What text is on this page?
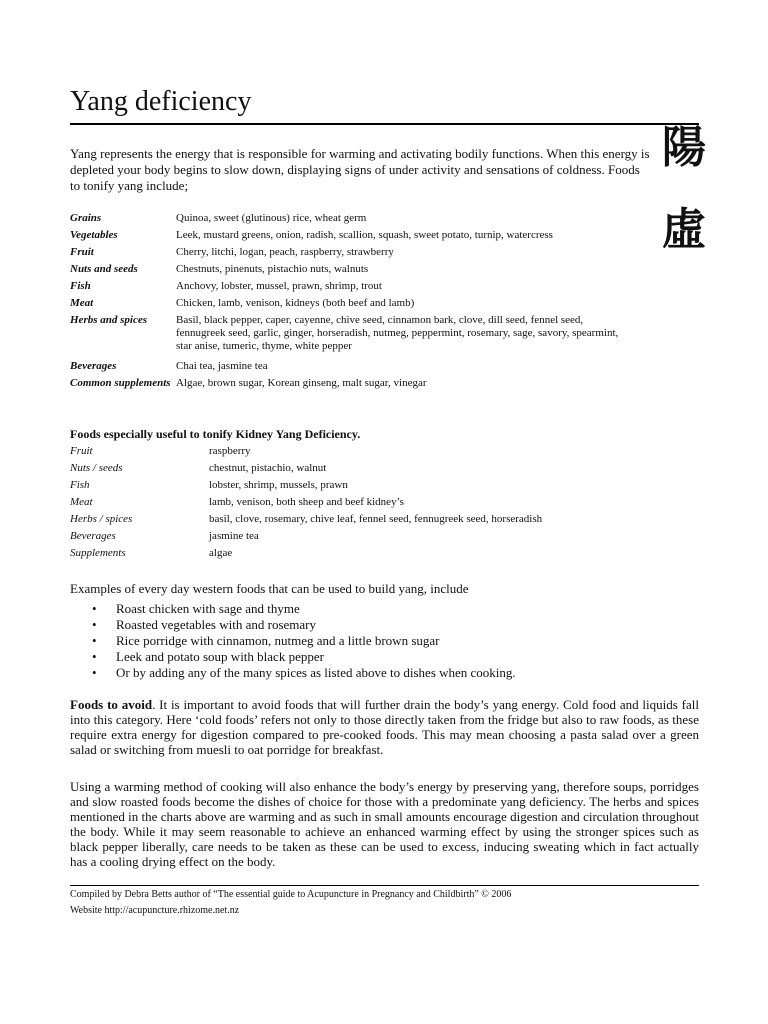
Yang deficiency
陽
虛

Yang represents the energy that is responsible for warming and activating bodily functions. When this energy is depleted your body begins to slow down, displaying signs of under activity and sensations of coldness. Foods to tonify yang include;

Grains	Quinoa, sweet (glutinous) rice, wheat germ
Vegetables	Leek, mustard greens, onion, radish, scallion, squash, sweet potato, turnip, watercress
Fruit	Cherry, litchi, logan, peach, raspberry, strawberry
Nuts and seeds	Chestnuts, pinenuts, pistachio nuts, walnuts
Fish	Anchovy, lobster, mussel, prawn, shrimp, trout
Meat	Chicken, lamb, venison, kidneys (both beef and lamb)
Herbs and spices	Basil, black pepper, caper, cayenne, chive seed, cinnamon bark, clove, dill seed, fennel seed, fennugreek seed, garlic, ginger, horseradish, nutmeg, peppermint, rosemary, sage, savory, spearmint, star anise, tumeric, thyme, white pepper
Beverages	Chai tea, jasmine tea
Common supplements	Algae, brown sugar, Korean ginseng, malt sugar, vinegar

Foods especially useful to tonify Kidney Yang Deficiency.

Fruit	raspberry
Nuts / seeds	chestnut, pistachio, walnut
Fish	lobster, shrimp, mussels, prawn
Meat	lamb, venison, both sheep and beef kidney’s
Herbs / spices	basil, clove, rosemary, chive leaf, fennel seed, fennugreek seed, horseradish
Beverages	jasmine tea
Supplements	algae

Examples of every day western foods that can be used to build yang, include

• Roast chicken with sage and thyme
• Roasted vegetables with and rosemary
• Rice porridge with cinnamon, nutmeg and a little brown sugar
• Leek and potato soup with black pepper
• Or by adding any of the many spices as listed above to dishes when cooking.

Foods to avoid. It is important to avoid foods that will further drain the body’s yang energy. Cold food and liquids fall into this category. Here ‘cold foods’ refers not only to those directly taken from the fridge but also to raw foods, as these require extra energy for digestion compared to pre-cooked foods. This may mean choosing a pasta salad over a green salad or switching from muesli to oat porridge for breakfast.

Using a warming method of cooking will also enhance the body’s energy by preserving yang, therefore soups, porridges and slow roasted foods become the dishes of choice for those with a predominate yang deficiency. The herbs and spices mentioned in the charts above are warming and as such in small amounts encourage digestion and circulation throughout the body. While it may seem reasonable to achieve an enhanced warming effect by using the stronger spices such as black pepper liberally, care needs to be taken as these can be used to excess, inducing sweating which in fact actually has a cooling drying effect on the body.

Compiled by Debra Betts author of “The essential guide to Acupuncture in Pregnancy and Childbirth” © 2006
Website http://acupuncture.rhizome.net.nz
